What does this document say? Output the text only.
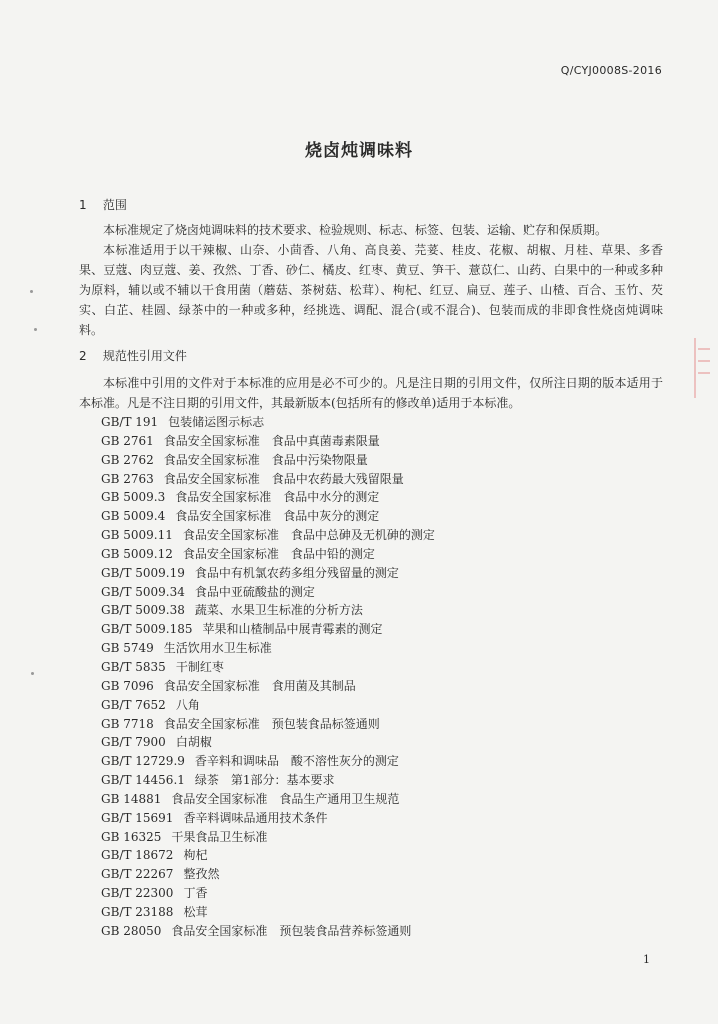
Q/CYJ0008S-2016
烧卤炖调味料
1 范围

本标准规定了烧卤炖调味料的技术要求、检验规则、标志、标签、包装、运输、贮存和保质期。

本标准适用于以干辣椒、山奈、小茴香、八角、高良姜、芫荽、桂皮、花椒、胡椒、月桂、草果、多香果、豆蔻、肉豆蔻、姜、孜然、丁香、砂仁、橘皮、红枣、黄豆、笋干、薏苡仁、山药、白果中的一种或多种为原料，辅以或不辅以干食用菌（蘑菇、茶树菇、松茸）、枸杞、红豆、扁豆、莲子、山楂、百合、玉竹、芡实、白芷、桂圆、绿茶中的一种或多种，经挑选、调配、混合(或不混合)、包装而成的非即食性烧卤炖调味料。

2 规范性引用文件

本标准中引用的文件对于本标准的应用是必不可少的。凡是注日期的引用文件，仅所注日期的版本适用于本标准。凡是不注日期的引用文件，其最新版本(包括所有的修改单)适用于本标准。

GB/T 191 包装储运图示标志
GB 2761 食品安全国家标准　食品中真菌毒素限量
GB 2762 食品安全国家标准　食品中污染物限量
GB 2763 食品安全国家标准　食品中农药最大残留限量
GB 5009.3 食品安全国家标准　食品中水分的测定
GB 5009.4 食品安全国家标准　食品中灰分的测定
GB 5009.11 食品安全国家标准　食品中总砷及无机砷的测定
GB 5009.12 食品安全国家标准　食品中铅的测定
GB/T 5009.19 食品中有机氯农药多组分残留量的测定
GB/T 5009.34 食品中亚硫酸盐的测定
GB/T 5009.38 蔬菜、水果卫生标准的分析方法
GB/T 5009.185 苹果和山楂制品中展青霉素的测定
GB 5749 生活饮用水卫生标准
GB/T 5835 干制红枣
GB 7096 食品安全国家标准　食用菌及其制品
GB/T 7652 八角
GB 7718 食品安全国家标准　预包装食品标签通则
GB/T 7900 白胡椒
GB/T 12729.9 香辛料和调味品　酸不溶性灰分的测定
GB/T 14456.1 绿茶　第1部分：基本要求
GB 14881 食品安全国家标准　食品生产通用卫生规范
GB/T 15691 香辛料调味品通用技术条件
GB 16325 干果食品卫生标准
GB/T 18672 枸杞
GB/T 22267 整孜然
GB/T 22300 丁香
GB/T 23188 松茸
GB 28050 食品安全国家标准　预包装食品营养标签通则
1
